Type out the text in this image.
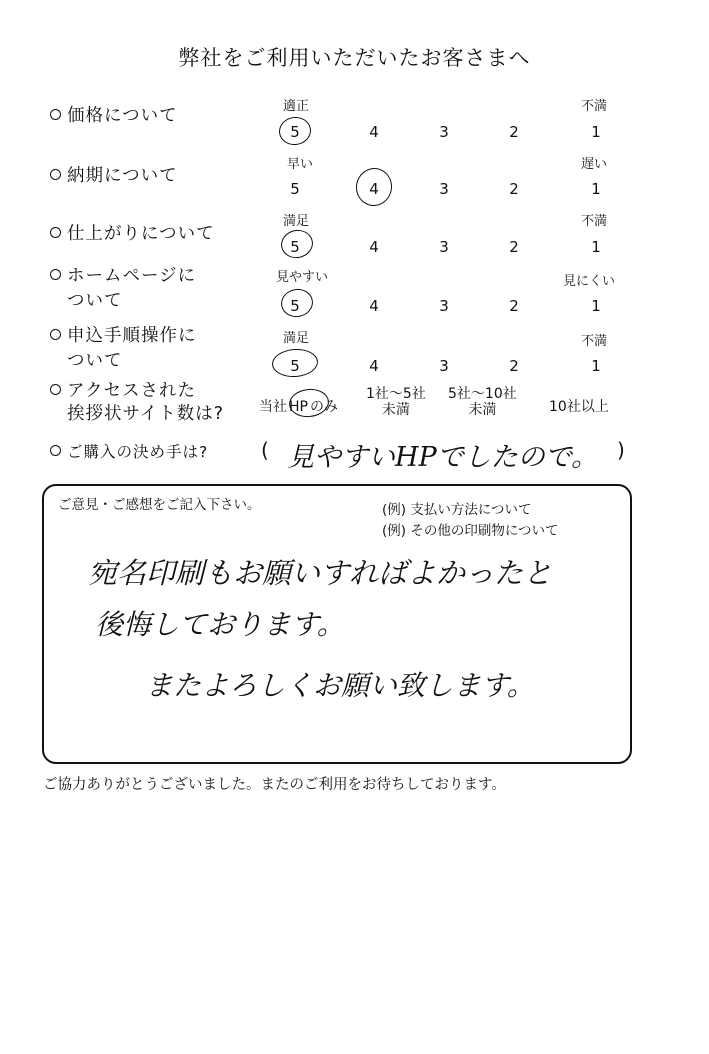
弊社をご利用いただいたお客さまへ
価格について	適正	不満
5	4	3	2	1
納期について
早い	遅い
5	4	3	2	1
仕上がりについて
満足	不満
5	4	3	2	1
ホームページに
ついて
見やすい	見にくい
5	4	3	2	1
申込手順操作に
ついて
満足	不満
5	4	3	2	1
アクセスされた
挨拶状サイト数は? 当社 HP のみ
1社～5社
未満
5社～10社
未満	10社以上
ご購入の決め手は?	( 見やすいHPでしたので。 )
ご意見・ご感想をご記入下さい。	(例) 支払い方法について
(例) その他の印刷物について
宛名印刷もお願いすればよかったと
後悔しております。
またよろしくお願い致します。
ご協力ありがとうございました。またのご利用をお待ちしております。
